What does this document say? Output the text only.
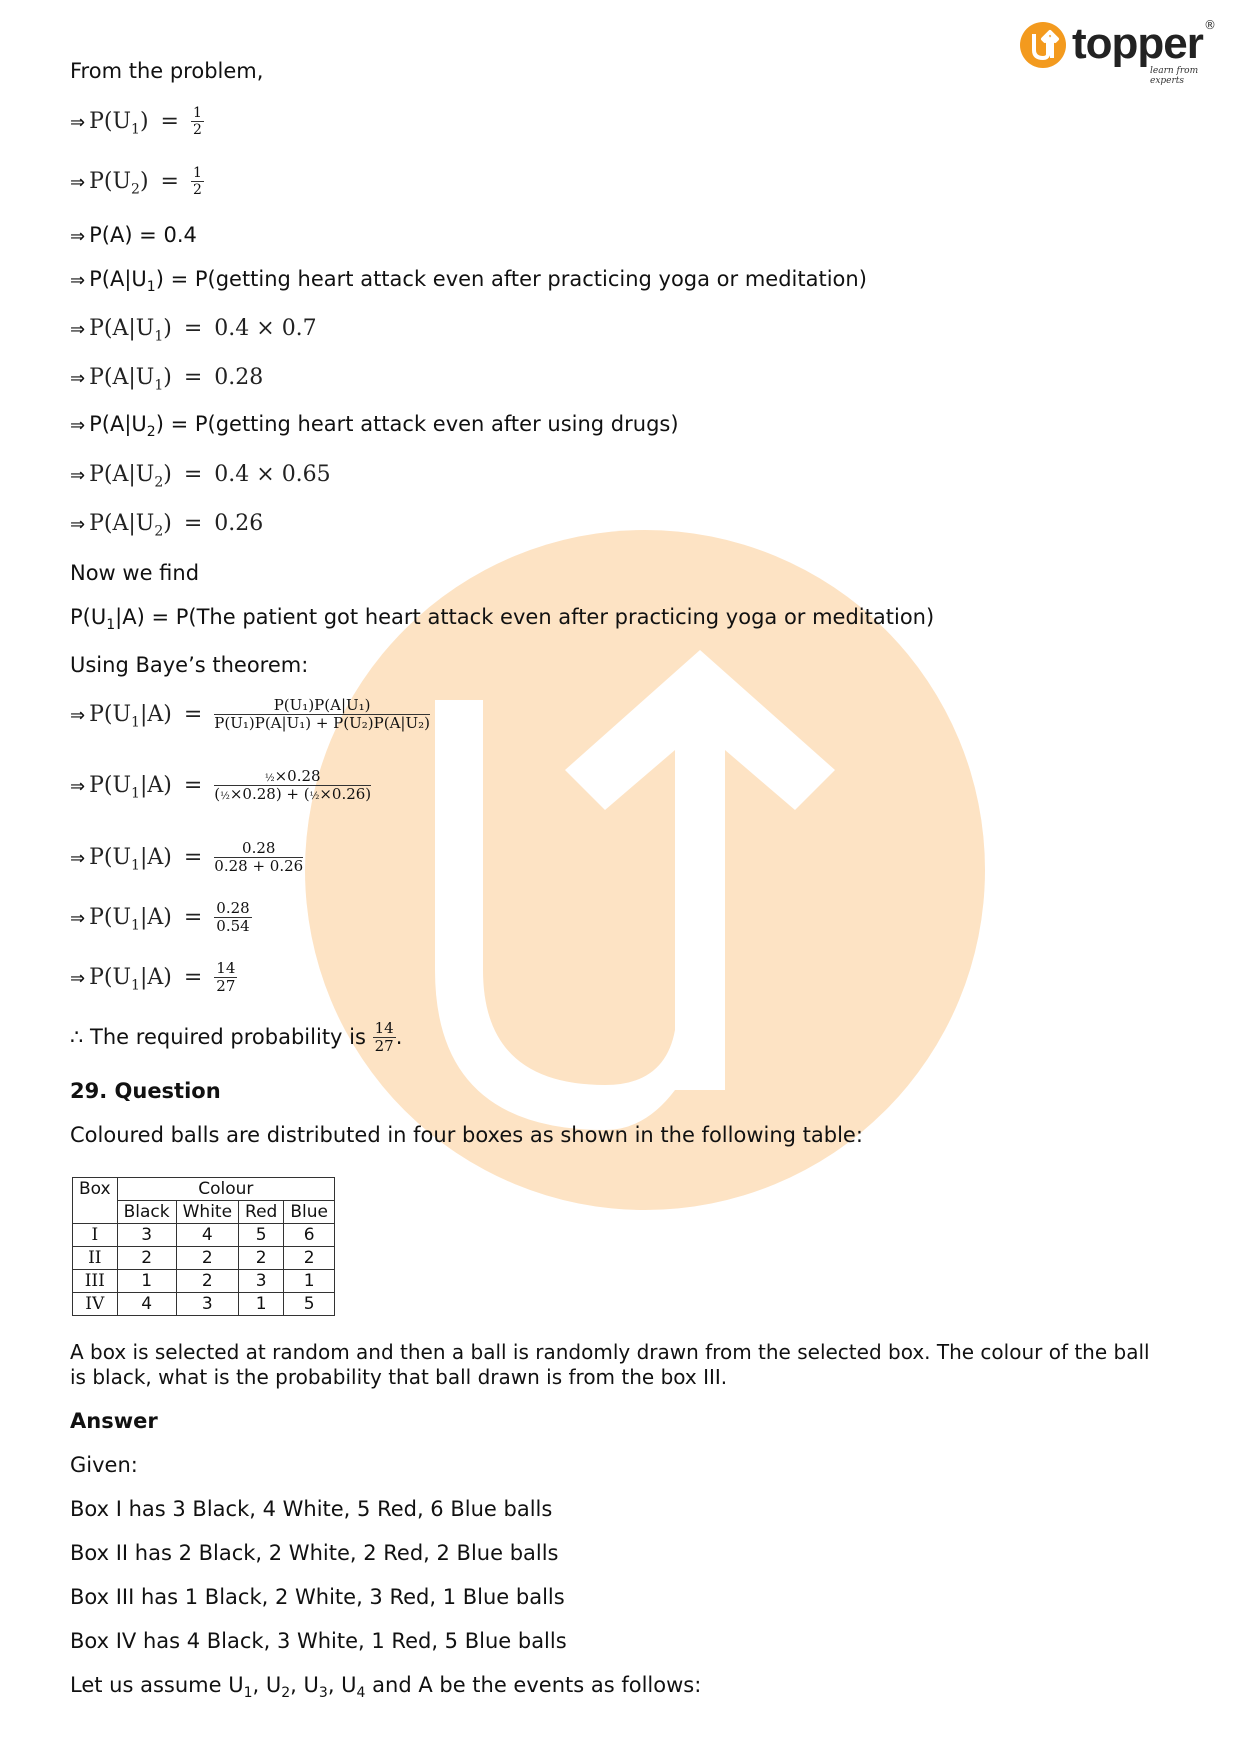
topper
learn from experts
®
From the problem,
⇒ $P(U_1) = \frac{1}{2}$
⇒ $P(U_2) = \frac{1}{2}$
⇒ P(A) = 0.4
⇒ $P(A|U_1)$ = P(getting heart attack even after practicing yoga or meditation)
⇒ $P(A|U_1) = 0.4 \times 0.7$
⇒ $P(A|U_1) = 0.28$
⇒ $P(A|U_2)$ = P(getting heart attack even after using drugs)
⇒ $P(A|U_2) = 0.4 \times 0.65$
⇒ $P(A|U_2) = 0.26$
Now we find
$P(U_1|A) = P(The$ patient got heart attack even after practicing yoga or meditation)
Using Baye’s theorem:
⇒ $P(U_1|A) = \frac{\text{P(U₁)P(A|U₁)}}{\text{P(U₁)P(A|U₁) + P(U₂)P(A|U₂)}}$
⇒ $P(U_1|A) = \frac{\text{½×0.28}}{\text{(½×0.28) + (½×0.26)}}$
⇒ $P(U_1|A) = \frac{0.28}{0.28 + 0.26}$
⇒ $P(U_1|A) = \frac{0.28}{0.54}$
⇒ $P(U_1|A) = \frac{14}{27}$
∴ The required probability is $\frac{14}{27}$ .
29. Question
Coloured balls are distributed in four boxes as shown in the following table:
Box	Colour			
	Black	White	Red	Blue
I	3	4	5	6
II	2	2	2	2
III	1	2	3	1
IV	4	3	1	5
A box is selected at random and then a ball is randomly drawn from the selected box. The colour of the ball is black, what is the probability that ball drawn is from the box III.
Answer
Given:
Box I has 3 Black, 4 White, 5 Red, 6 Blue balls
Box II has 2 Black, 2 White, 2 Red, 2 Blue balls
Box III has 1 Black, 2 White, 3 Red, 1 Blue balls
Box IV has 4 Black, 3 White, 1 Red, 5 Blue balls
Let us assume $U_1$, $U_2$, $U_3$, $U_4$ and A be the events as follows:
